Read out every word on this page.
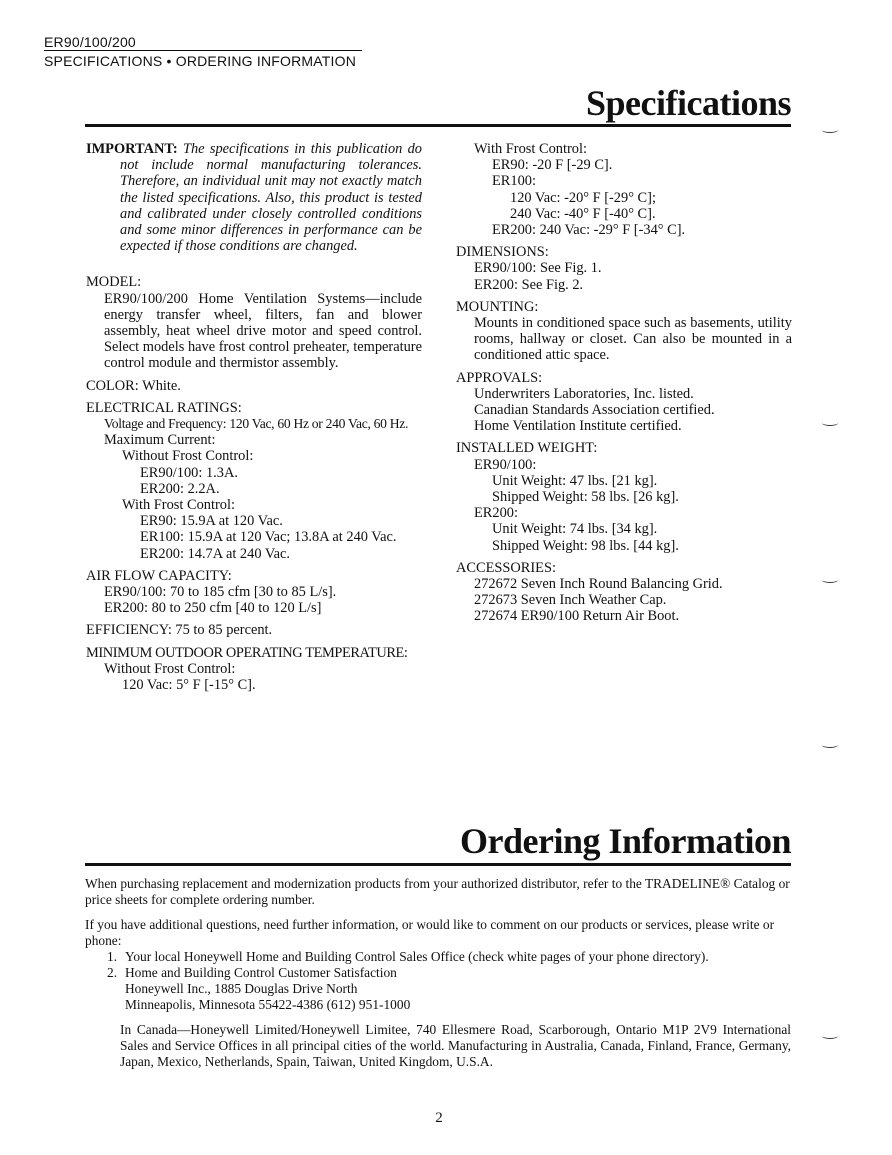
ER90/100/200
SPECIFICATIONS • ORDERING INFORMATION
Specifications

IMPORTANT: The specifications in this publication do not include normal manufacturing tolerances. Therefore, an individual unit may not exactly match the listed specifications. Also, this product is tested and calibrated under closely controlled conditions and some minor differences in performance can be expected if those conditions are changed.

MODEL:

ER90/100/200 Home Ventilation Systems—include energy transfer wheel, filters, fan and blower assembly, heat wheel drive motor and speed control. Select models have frost control preheater, temperature control module and thermistor assembly.

COLOR: White.

ELECTRICAL RATINGS:

Voltage and Frequency: 120 Vac, 60 Hz or 240 Vac, 60 Hz.

Maximum Current:

Without Frost Control:

ER90/100: 1.3A.

ER200: 2.2A.

With Frost Control:

ER90: 15.9A at 120 Vac.

ER100: 15.9A at 120 Vac; 13.8A at 240 Vac.

ER200: 14.7A at 240 Vac.

AIR FLOW CAPACITY:

ER90/100: 70 to 185 cfm [30 to 85 L/s].

ER200: 80 to 250 cfm [40 to 120 L/s]

EFFICIENCY: 75 to 85 percent.

MINIMUM OUTDOOR OPERATING TEMPERATURE:

Without Frost Control:

120 Vac: 5° F [-15° C].

With Frost Control:

ER90: -20 F [-29 C].

ER100:

120 Vac: -20° F [-29° C];

240 Vac: -40° F [-40° C].

ER200: 240 Vac: -29° F [-34° C].

DIMENSIONS:

ER90/100: See Fig. 1.

ER200: See Fig. 2.

MOUNTING:

Mounts in conditioned space such as basements, utility rooms, hallway or closet. Can also be mounted in a conditioned attic space.

APPROVALS:

Underwriters Laboratories, Inc. listed.

Canadian Standards Association certified.

Home Ventilation Institute certified.

INSTALLED WEIGHT:

ER90/100:

Unit Weight: 47 lbs. [21 kg].

Shipped Weight: 58 lbs. [26 kg].

ER200:

Unit Weight: 74 lbs. [34 kg].

Shipped Weight: 98 lbs. [44 kg].

ACCESSORIES:

272672 Seven Inch Round Balancing Grid.

272673 Seven Inch Weather Cap.

272674 ER90/100 Return Air Boot.

Ordering Information

When purchasing replacement and modernization products from your authorized distributor, refer to the TRADELINE® Catalog or price sheets for complete ordering number.

If you have additional questions, need further information, or would like to comment on our products or services, please write or phone:

1. Your local Honeywell Home and Building Control Sales Office (check white pages of your phone directory).
2. Home and Building Control Customer Satisfaction
Honeywell Inc., 1885 Douglas Drive North
Minneapolis, Minnesota 55422-4386 (612) 951-1000

In Canada—Honeywell Limited/Honeywell Limitee, 740 Ellesmere Road, Scarborough, Ontario M1P 2V9 International Sales and Service Offices in all principal cities of the world. Manufacturing in Australia, Canada, Finland, France, Germany, Japan, Mexico, Netherlands, Spain, Taiwan, United Kingdom, U.S.A.

2
